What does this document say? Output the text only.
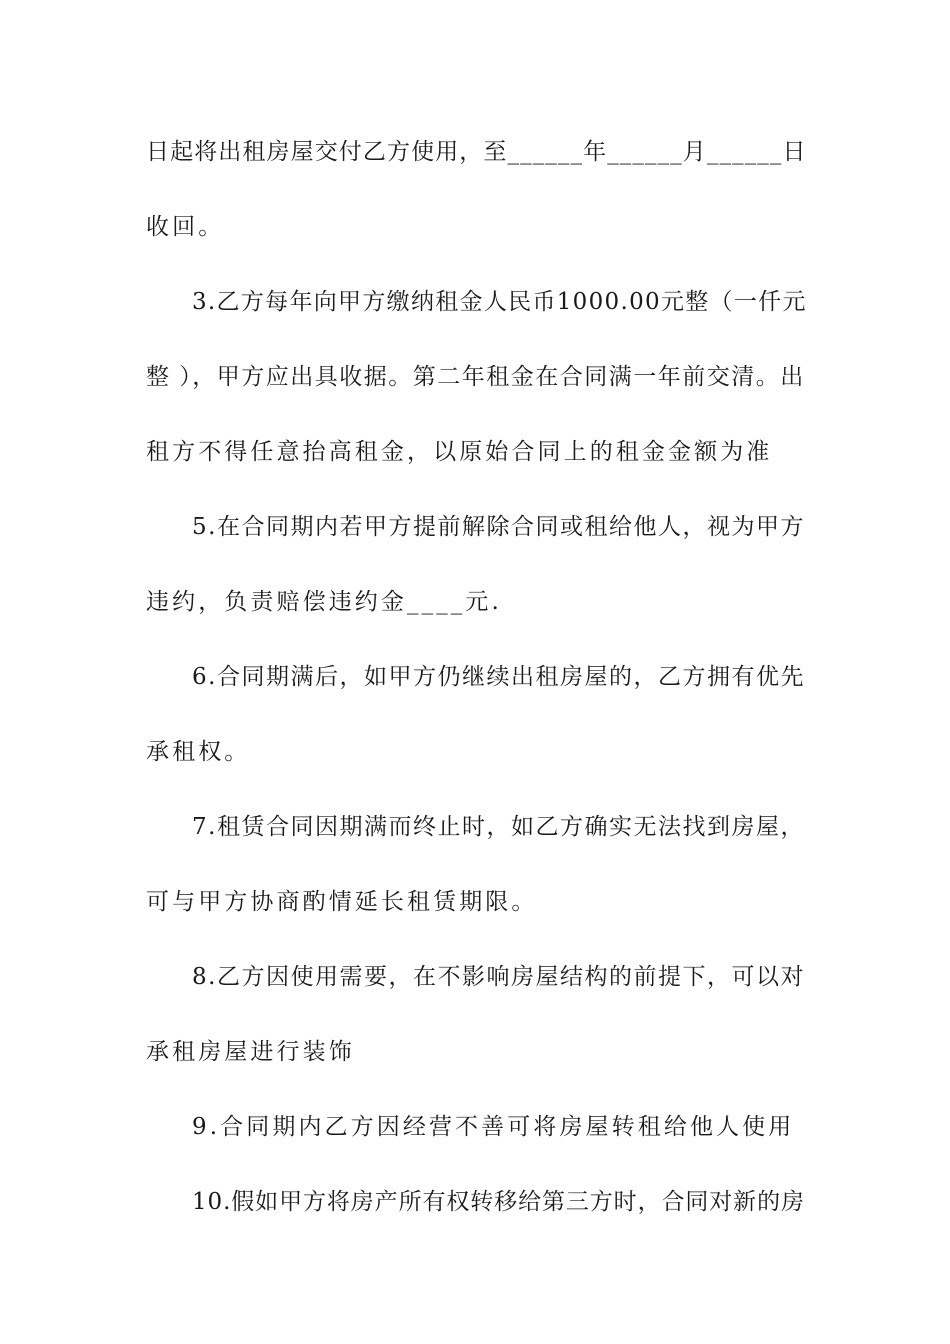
日起将出租房屋交付乙方使用，至______年______月______日
收回。
3.乙方每年向甲方缴纳租金人民币1000.00元整（一仟元
整 ），甲方应出具收据。第二年租金在合同满一年前交清。出
租方不得任意抬高租金，以原始合同上的租金金额为准
5.在合同期内若甲方提前解除合同或租给他人，视为甲方
违约，负责赔偿违约金____元.
6.合同期满后，如甲方仍继续出租房屋的，乙方拥有优先
承租权。
7.租赁合同因期满而终止时，如乙方确实无法找到房屋，
可与甲方协商酌情延长租赁期限。
8.乙方因使用需要，在不影响房屋结构的前提下，可以对
承租房屋进行装饰
9.合同期内乙方因经营不善可将房屋转租给他人使用
10.假如甲方将房产所有权转移给第三方时，合同对新的房
